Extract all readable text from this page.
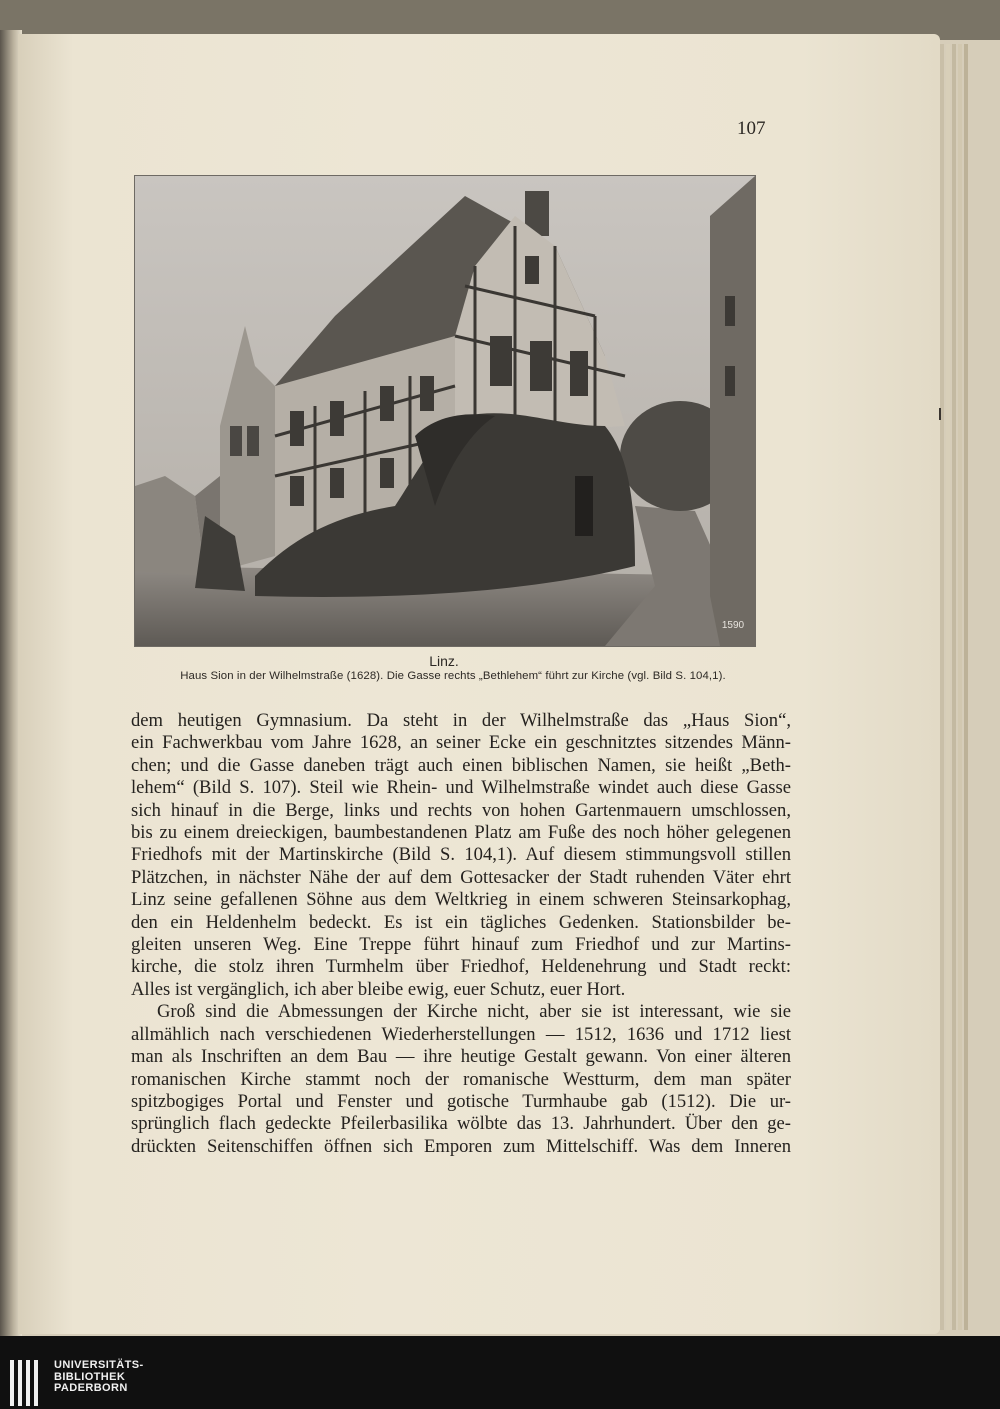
107
1590
Linz.
Haus Sion in der Wilhelmstraße (1628). Die Gasse rechts „Bethlehem“ führt zur Kirche (vgl. Bild S. 104,1).
dem heutigen Gymnasium. Da steht in der Wilhelmstraße das „Haus Sion“,
ein Fachwerkbau vom Jahre 1628, an seiner Ecke ein geschnitztes sitzendes Männ-
chen; und die Gasse daneben trägt auch einen biblischen Namen, sie heißt „Beth-
lehem“ (Bild S. 107). Steil wie Rhein- und Wilhelmstraße windet auch diese Gasse
sich hinauf in die Berge, links und rechts von hohen Gartenmauern umschlossen,
bis zu einem dreieckigen, baumbestandenen Platz am Fuße des noch höher gelegenen
Friedhofs mit der Martinskirche (Bild S. 104,1). Auf diesem stimmungsvoll stillen
Plätzchen, in nächster Nähe der auf dem Gottesacker der Stadt ruhenden Väter ehrt
Linz seine gefallenen Söhne aus dem Weltkrieg in einem schweren Steinsarkophag,
den ein Heldenhelm bedeckt. Es ist ein tägliches Gedenken. Stationsbilder be-
gleiten unseren Weg. Eine Treppe führt hinauf zum Friedhof und zur Martins-
kirche, die stolz ihren Turmhelm über Friedhof, Heldenehrung und Stadt reckt:
Alles ist vergänglich, ich aber bleibe ewig, euer Schutz, euer Hort.
Groß sind die Abmessungen der Kirche nicht, aber sie ist interessant, wie sie
allmählich nach verschiedenen Wiederherstellungen — 1512, 1636 und 1712 liest
man als Inschriften an dem Bau — ihre heutige Gestalt gewann. Von einer älteren
romanischen Kirche stammt noch der romanische Westturm, dem man später
spitzbogiges Portal und Fenster und gotische Turmhaube gab (1512). Die ur-
sprünglich flach gedeckte Pfeilerbasilika wölbte das 13. Jahrhundert. Über den ge-
drückten Seitenschiffen öffnen sich Emporen zum Mittelschiff. Was dem Inneren
UNIVERSITÄTS-
BIBLIOTHEK
PADERBORN
